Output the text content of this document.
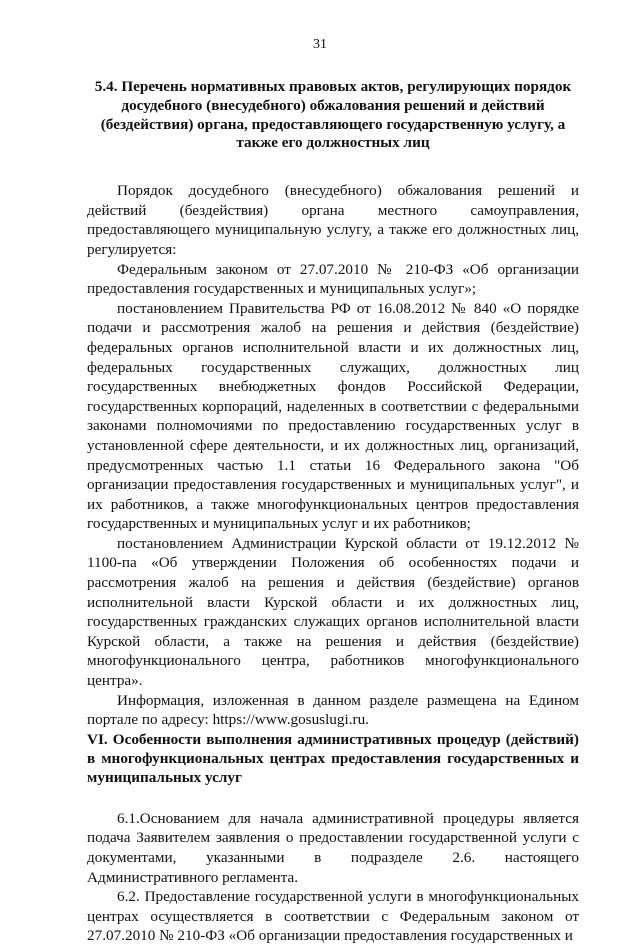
31

5.4. Перечень нормативных правовых актов, регулирующих порядок досудебного (внесудебного) обжалования решений и действий (бездействия) органа, предоставляющего государственную услугу, а также его должностных лиц

Порядок досудебного (внесудебного) обжалования решений и действий (бездействия) органа местного самоуправления, предоставляющего муниципальную услугу, а также его должностных лиц, регулируется:

Федеральным законом от 27.07.2010 № 210-ФЗ «Об организации предоставления государственных и муниципальных услуг»;

постановлением Правительства РФ от 16.08.2012 № 840 «О порядке подачи и рассмотрения жалоб на решения и действия (бездействие) федеральных органов исполнительной власти и их должностных лиц, федеральных государственных служащих, должностных лиц государственных внебюджетных фондов Российской Федерации, государственных корпораций, наделенных в соответствии с федеральными законами полномочиями по предоставлению государственных услуг в установленной сфере деятельности, и их должностных лиц, организаций, предусмотренных частью 1.1 статьи 16 Федерального закона "Об организации предоставления государственных и муниципальных услуг", и их работников, а также многофункциональных центров предоставления государственных и муниципальных услуг и их работников;

постановлением Администрации Курской области от 19.12.2012 № 1100-па «Об утверждении Положения об особенностях подачи и рассмотрения жалоб на решения и действия (бездействие) органов исполнительной власти Курской области и их должностных лиц, государственных гражданских служащих органов исполнительной власти Курской области, а также на решения и действия (бездействие) многофункционального центра, работников многофункционального центра».

Информация, изложенная в данном разделе размещена на Едином портале по адресу: https://www.gosuslugi.ru.

VI. Особенности выполнения административных процедур (действий) в многофункциональных центрах предоставления государственных и муниципальных услуг

6.1.Основанием для начала административной процедуры является подача Заявителем заявления о предоставлении государственной услуги с документами, указанными в подразделе 2.6. настоящего Административного регламента.

6.2. Предоставление государственной услуги в многофункциональных центрах осуществляется в соответствии с Федеральным законом от 27.07.2010 № 210-ФЗ «Об организации предоставления государственных и
